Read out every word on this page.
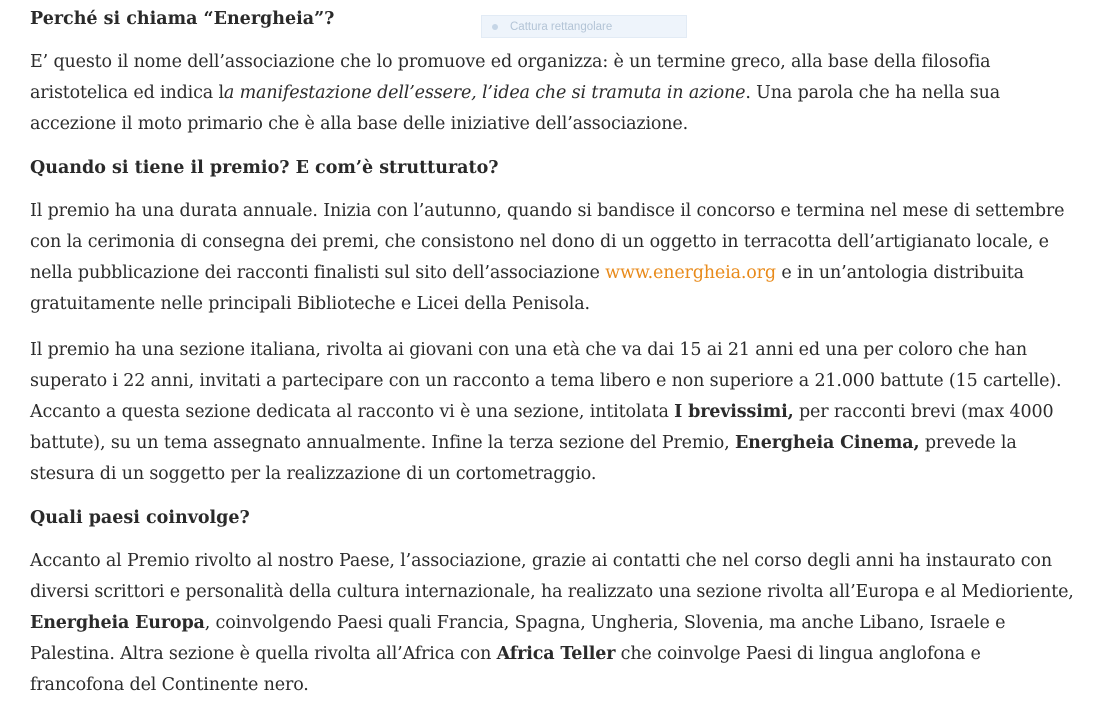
Perché si chiama “Energheia”?
E’ questo il nome dell’associazione che lo promuove ed organizza: è un termine greco, alla base della filosofia aristotelica ed indica la manifestazione dell’essere, l’idea che si tramuta in azione. Una parola che ha nella sua accezione il moto primario che è alla base delle iniziative dell’associazione.
Quando si tiene il premio? E com’è strutturato?
Il premio ha una durata annuale. Inizia con l’autunno, quando si bandisce il concorso e termina nel mese di settembre con la cerimonia di consegna dei premi, che consistono nel dono di un oggetto in terracotta dell’artigianato locale, e nella pubblicazione dei racconti finalisti sul sito dell’associazione www.energheia.org e in un’antologia distribuita gratuitamente nelle principali Biblioteche e Licei della Penisola.
Il premio ha una sezione italiana, rivolta ai giovani con una età che va dai 15 ai 21 anni ed una per coloro che han superato i 22 anni, invitati a partecipare con un racconto a tema libero e non superiore a 21.000 battute (15 cartelle). Accanto a questa sezione dedicata al racconto vi è una sezione, intitolata I brevissimi, per racconti brevi (max 4000 battute), su un tema assegnato annualmente. Infine la terza sezione del Premio, Energheia Cinema, prevede la stesura di un soggetto per la realizzazione di un cortometraggio.
Quali paesi coinvolge?
Accanto al Premio rivolto al nostro Paese, l’associazione, grazie ai contatti che nel corso degli anni ha instaurato con diversi scrittori e personalità della cultura internazionale, ha realizzato una sezione rivolta all’Europa e al Medioriente, Energheia Europa, coinvolgendo Paesi quali Francia, Spagna, Ungheria, Slovenia, ma anche Libano, Israele e Palestina. Altra sezione è quella rivolta all’Africa con Africa Teller che coinvolge Paesi di lingua anglofona e francofona del Continente nero.
Cattura rettangolare
